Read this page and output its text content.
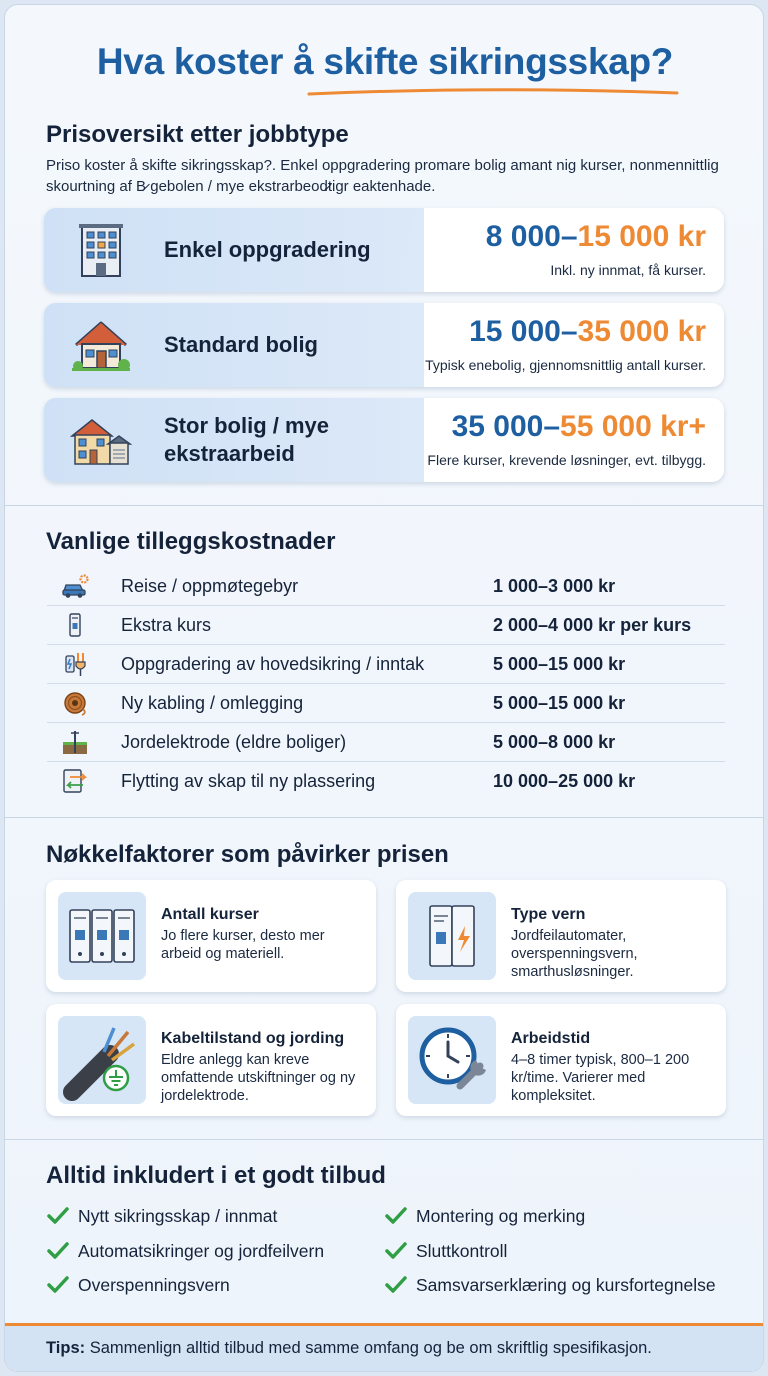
Hva koster å skifte sikringsskap?
Prisoversikt etter jobbtype

Priso koster å skifte sikringsskap?. Enkel oppgradering promare bolig amant nig kurser, nonmennittlig skourtning af B̷ gebolen / mye ekstrarbeod̷tigr eaktenhade.

Enkel oppgradering	8 000–15 000 kr
Inkl. ny innmat, få kurser.
Standard bolig	15 000–35 000 kr
Typisk enebolig, gjennomsnittlig antall kurser.
Stor bolig / mye ekstraarbeid
35 000–55 000 kr+
Flere kurser, krevende løsninger, evt. tilbygg.
Vanlige tilleggskostnader
Reise / oppmøtegebyr	1 000–3 000 kr
Ekstra kurs	2 000–4 000 kr per kurs
Oppgradering av hovedsikring / inntak	5 000–15 000 kr
Ny kabling / omlegging	5 000–15 000 kr
Jordelektrode (eldre boliger)	5 000–8 000 kr
Flytting av skap til ny plassering	10 000–25 000 kr
Nøkkelfaktorer som påvirker prisen
Antall kurser
Jo flere kurser, desto mer arbeid og materiell.
Type vern
Jordfeilautomater, overspenningsvern, smarthusløsninger.
Kabeltilstand og jording
Eldre anlegg kan kreve omfattende utskiftninger og ny jordelektrode.
Arbeidstid
4–8 timer typisk, 800–1 200 kr/time. Varierer med kompleksitet.
Alltid inkludert i et godt tilbud
Nytt sikringsskap / innmat
Automatsikringer og jordfeilvern
Overspenningsvern
Montering og merking
Sluttkontroll
Samsvarserklæring og kursfortegnelse
Tips: Sammenlign alltid tilbud med samme omfang og be om skriftlig spesifikasjon.
